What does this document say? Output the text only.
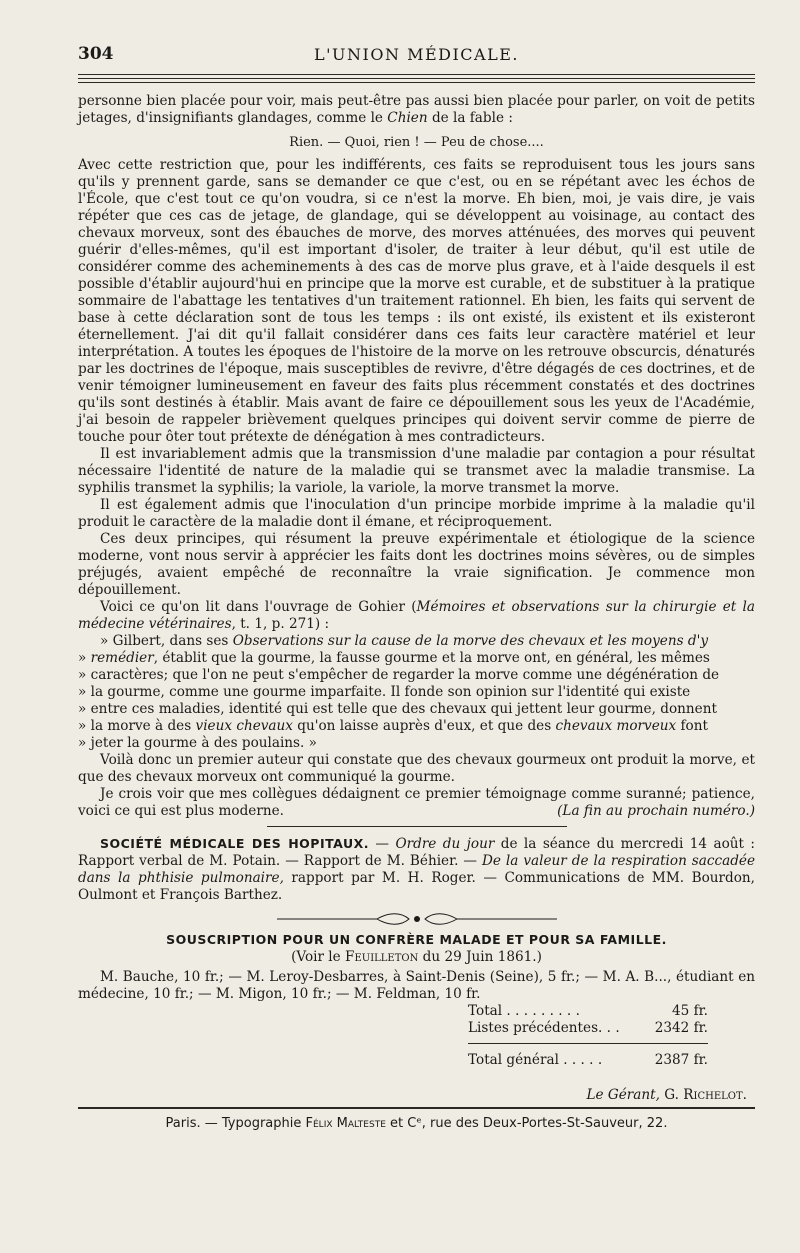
304	L'UNION MÉDICALE.

personne bien placée pour voir, mais peut-être pas aussi bien placée pour parler, on voit de petits jetages, d'insignifiants glandages, comme le Chien de la fable :

Rien. — Quoi, rien ! — Peu de chose....

Avec cette restriction que, pour les indifférents, ces faits se reproduisent tous les jours sans qu'ils y prennent garde, sans se demander ce que c'est, ou en se répétant avec les échos de l'École, que c'est tout ce qu'on voudra, si ce n'est la morve. Eh bien, moi, je vais dire, je vais répéter que ces cas de jetage, de glandage, qui se développent au voisinage, au contact des chevaux morveux, sont des ébauches de morve, des morves atténuées, des morves qui peuvent guérir d'elles-mêmes, qu'il est important d'isoler, de traiter à leur début, qu'il est utile de considérer comme des acheminements à des cas de morve plus grave, et à l'aide desquels il est possible d'établir aujourd'hui en principe que la morve est curable, et de substituer à la pratique sommaire de l'abattage les tentatives d'un traitement rationnel. Eh bien, les faits qui servent de base à cette déclaration sont de tous les temps : ils ont existé, ils existent et ils existeront éternellement. J'ai dit qu'il fallait considérer dans ces faits leur caractère matériel et leur interprétation. A toutes les époques de l'histoire de la morve on les retrouve obscurcis, dénaturés par les doctrines de l'époque, mais susceptibles de revivre, d'être dégagés de ces doctrines, et de venir témoigner lumineusement en faveur des faits plus récemment constatés et des doctrines qu'ils sont destinés à établir. Mais avant de faire ce dépouillement sous les yeux de l'Académie, j'ai besoin de rappeler brièvement quelques principes qui doivent servir comme de pierre de touche pour ôter tout prétexte de dénégation à mes contradicteurs.

Il est invariablement admis que la transmission d'une maladie par contagion a pour résultat nécessaire l'identité de nature de la maladie qui se transmet avec la maladie transmise. La syphilis transmet la syphilis; la variole, la variole, la morve transmet la morve.

Il est également admis que l'inoculation d'un principe morbide imprime à la maladie qu'il produit le caractère de la maladie dont il émane, et réciproquement.

Ces deux principes, qui résument la preuve expérimentale et étiologique de la science moderne, vont nous servir à apprécier les faits dont les doctrines moins sévères, ou de simples préjugés, avaient empêché de reconnaître la vraie signification. Je commence mon dépouillement.

Voici ce qu'on lit dans l'ouvrage de Gohier (Mémoires et observations sur la chirurgie et la médecine vétérinaires, t. 1, p. 271) :

» Gilbert, dans ses Observations sur la cause de la morve des chevaux et les moyens d'y

» remédier, établit que la gourme, la fausse gourme et la morve ont, en général, les mêmes

» caractères; que l'on ne peut s'empêcher de regarder la morve comme une dégénération de

» la gourme, comme une gourme imparfaite. Il fonde son opinion sur l'identité qui existe

» entre ces maladies, identité qui est telle que des chevaux qui jettent leur gourme, donnent

» la morve à des vieux chevaux qu'on laisse auprès d'eux, et que des chevaux morveux font

» jeter la gourme à des poulains. »

Voilà donc un premier auteur qui constate que des chevaux gourmeux ont produit la morve, et que des chevaux morveux ont communiqué la gourme.

Je crois voir que mes collègues dédaignent ce premier témoignage comme suranné; patience, voici ce qui est plus moderne.	(La fin au prochain numéro.)

SOCIÉTÉ MÉDICALE DES HOPITAUX. — Ordre du jour de la séance du mercredi 14 août : Rapport verbal de M. Potain. — Rapport de M. Béhier. — De la valeur de la respiration saccadée dans la phthisie pulmonaire, rapport par M. H. Roger. — Communications de MM. Bourdon, Oulmont et François Barthez.
SOUSCRIPTION POUR UN CONFRÈRE MALADE ET POUR SA FAMILLE.
(Voir le Feuilleton du 29 Juin 1861.)
M. Bauche, 10 fr.; — M. Leroy-Desbarres, à Saint-Denis (Seine), 5 fr.; — M. A. B..., étudiant en médecine, 10 fr.; — M. Migon, 10 fr.; — M. Feldman, 10 fr.
Total . . . . . . . . .	45 fr.
Listes précédentes. . .	2342 fr.
Total général . . . . .	2387 fr.
Le Gérant, G. Richelot.
Paris. — Typographie Félix Malteste et Cᵉ, rue des Deux-Portes-St-Sauveur, 22.
